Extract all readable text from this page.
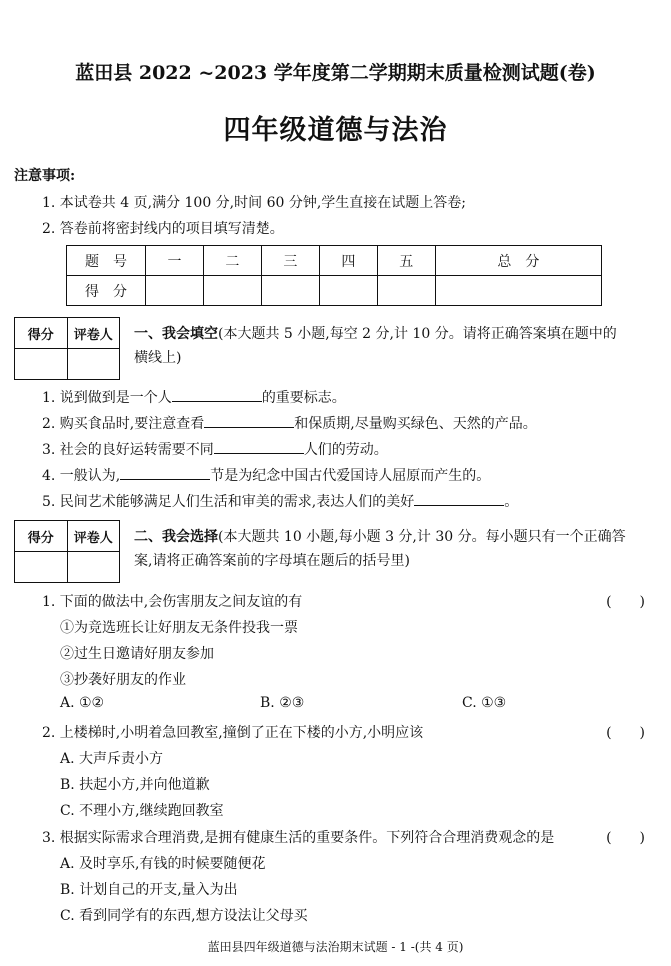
蓝田县 2022 ~2023 学年度第二学期期末质量检测试题(卷)
四年级道德与法治
注意事项:
1. 本试卷共 4 页,满分 100 分,时间 60 分钟,学生直接在试题上答卷;
2. 答卷前将密封线内的项目填写清楚。
题　号	一	二	三	四	五	总　分
得　分						
得分	评卷人
	一、我会填空(本大题共 5 小题,每空 2 分,计 10 分。请将正确答案填在题中的
横线上)
1. 说到做到是一个人	的重要标志。
2. 购买食品时,要注意查看	和保质期,尽量购买绿色、天然的产品。
3. 社会的良好运转需要不同	人们的劳动。
4. 一般认为,	节是为纪念中国古代爱国诗人屈原而产生的。
5. 民间艺术能够满足人们生活和审美的需求,表达人们的美好	。
得分	评卷人
	二、我会选择(本大题共 10 小题,每小题 3 分,计 30 分。每小题只有一个正确答
案,请将正确答案前的字母填在题后的括号里)
1. 下面的做法中,会伤害朋友之间友谊的有	(　　)
①为竞选班长让好朋友无条件投我一票
②过生日邀请好朋友参加
③抄袭好朋友的作业
A. ①②	B. ②③	C. ①③
2. 上楼梯时,小明着急回教室,撞倒了正在下楼的小方,小明应该	(　　)
A. 大声斥责小方
B. 扶起小方,并向他道歉
C. 不理小方,继续跑回教室
3. 根据实际需求合理消费,是拥有健康生活的重要条件。下列符合合理消费观念的是	(　　)
A. 及时享乐,有钱的时候要随便花
B. 计划自己的开支,量入为出
C. 看到同学有的东西,想方设法让父母买
蓝田县四年级道德与法治期末试题 - 1 -(共 4 页)
